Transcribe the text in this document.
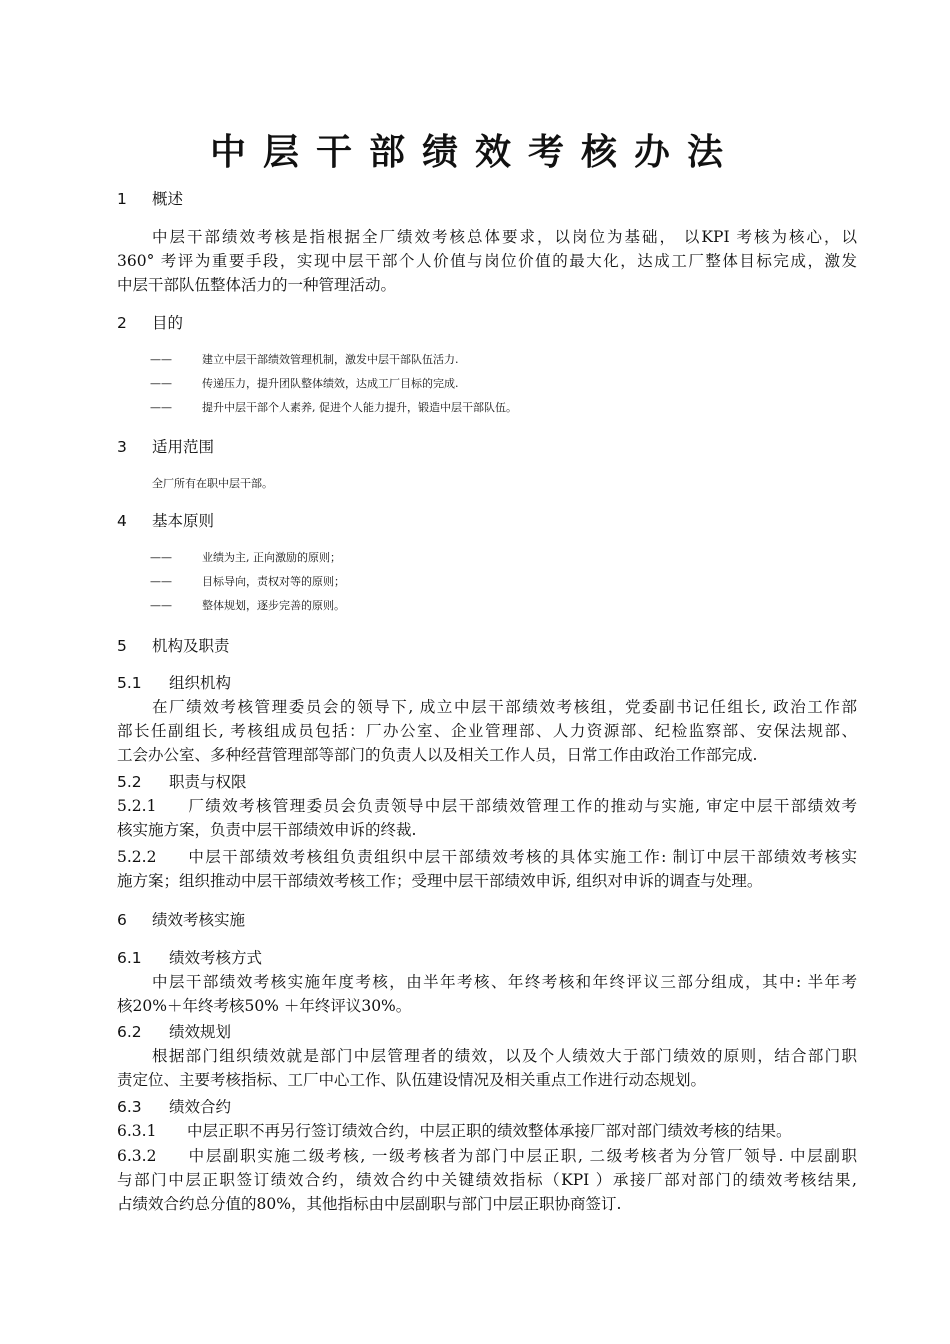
中层干部绩效考核办法
1 概述
中层干部绩效考核是指根据全厂绩效考核总体要求，以岗位为基础， 以KPI 考核为核心，以
360° 考评为重要手段，实现中层干部个人价值与岗位价值的最大化，达成工厂整体目标完成，激发
中层干部队伍整体活力的一种管理活动。
2 目的
——	建立中层干部绩效管理机制，激发中层干部队伍活力.
——	传递压力，提升团队整体绩效，达成工厂目标的完成.
——	提升中层干部个人素养, 促进个人能力提升，锻造中层干部队伍。
3 适用范围
全厂所有在职中层干部。
4 基本原则
——	业绩为主, 正向激励的原则；
——	目标导向，责权对等的原则；
——	整体规划，逐步完善的原则。
5 机构及职责
5.1 组织机构
在厂绩效考核管理委员会的领导下, 成立中层干部绩效考核组，党委副书记任组长, 政治工作部
部长任副组长, 考核组成员包括：厂办公室、企业管理部、人力资源部、纪检监察部、安保法规部、
工会办公室、多种经营管理部等部门的负责人以及相关工作人员，日常工作由政治工作部完成.
5.2 职责与权限
5.2.1 厂绩效考核管理委员会负责领导中层干部绩效管理工作的推动与实施, 审定中层干部绩效考
核实施方案，负责中层干部绩效申诉的终裁.
5.2.2 中层干部绩效考核组负责组织中层干部绩效考核的具体实施工作: 制订中层干部绩效考核实
施方案；组织推动中层干部绩效考核工作；受理中层干部绩效申诉, 组织对申诉的调查与处理。
6 绩效考核实施
6.1 绩效考核方式
中层干部绩效考核实施年度考核，由半年考核、年终考核和年终评议三部分组成，其中: 半年考
核20%＋年终考核50% ＋年终评议30%。
6.2 绩效规划
根据部门组织绩效就是部门中层管理者的绩效，以及个人绩效大于部门绩效的原则，结合部门职
责定位、主要考核指标、工厂中心工作、队伍建设情况及相关重点工作进行动态规划。
6.3 绩效合约
6.3.1 中层正职不再另行签订绩效合约，中层正职的绩效整体承接厂部对部门绩效考核的结果。
6.3.2 中层副职实施二级考核, 一级考核者为部门中层正职, 二级考核者为分管厂领导. 中层副职
与部门中层正职签订绩效合约，绩效合约中关键绩效指标（KPI ）承接厂部对部门的绩效考核结果,
占绩效合约总分值的80%，其他指标由中层副职与部门中层正职协商签订.
